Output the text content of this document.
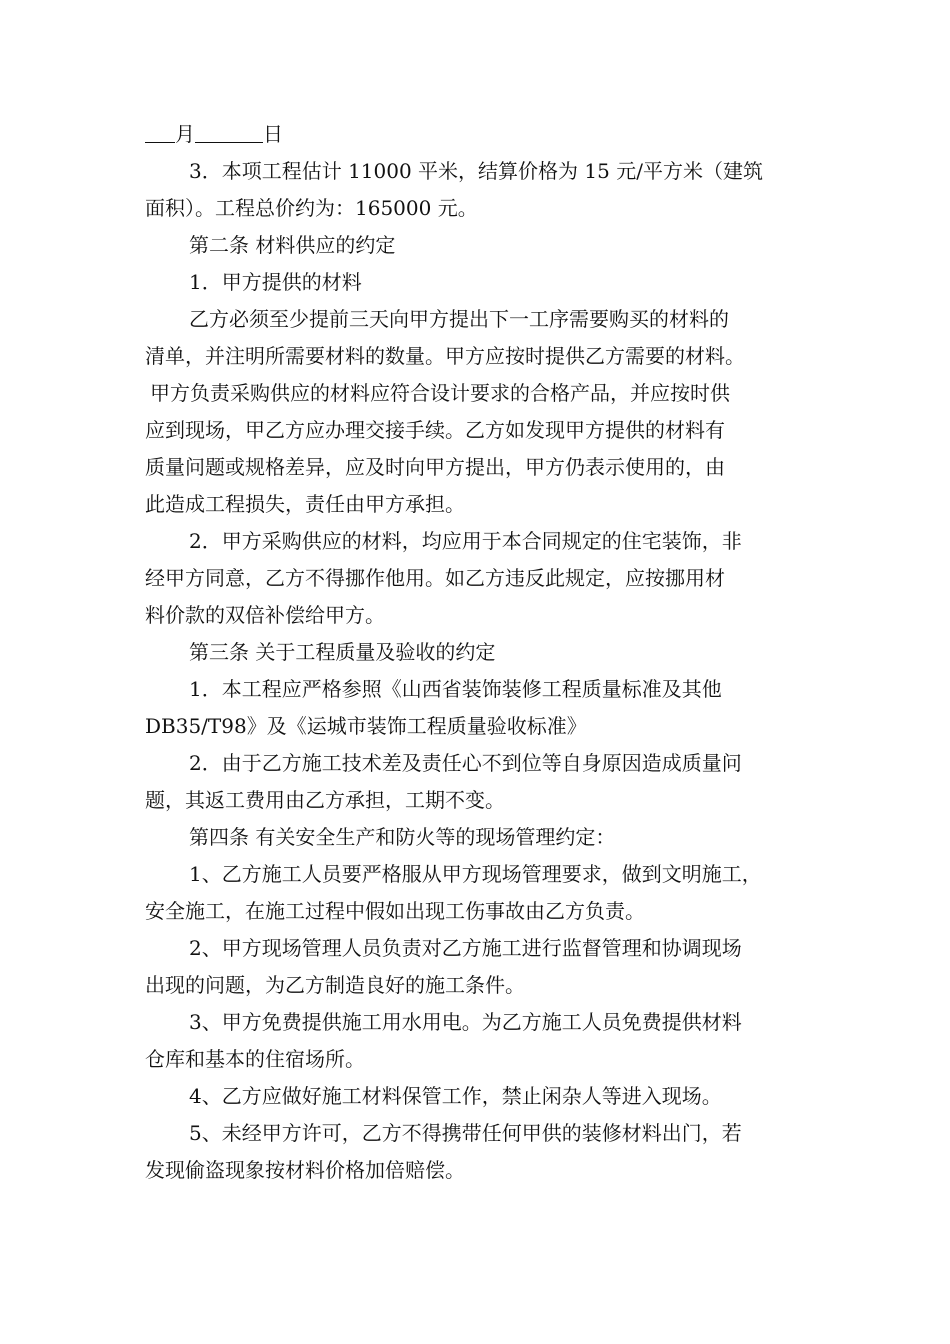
月	日
3．本项工程估计 11000 平米，结算价格为 15 元/平方米（建筑
面积）。工程总价约为：165000 元。
第二条 材料供应的约定
1．甲方提供的材料
乙方必须至少提前三天向甲方提出下一工序需要购买的材料的
清单，并注明所需要材料的数量。甲方应按时提供乙方需要的材料。
甲方负责采购供应的材料应符合设计要求的合格产品，并应按时供
应到现场，甲乙方应办理交接手续。乙方如发现甲方提供的材料有
质量问题或规格差异，应及时向甲方提出，甲方仍表示使用的，由
此造成工程损失，责任由甲方承担。
2．甲方采购供应的材料，均应用于本合同规定的住宅装饰，非
经甲方同意，乙方不得挪作他用。如乙方违反此规定，应按挪用材
料价款的双倍补偿给甲方。
第三条 关于工程质量及验收的约定
1．本工程应严格参照《山西省装饰装修工程质量标准及其他
DB35/T98》及《运城市装饰工程质量验收标准》
2．由于乙方施工技术差及责任心不到位等自身原因造成质量问
题，其返工费用由乙方承担，工期不变。
第四条 有关安全生产和防火等的现场管理约定：
1、乙方施工人员要严格服从甲方现场管理要求，做到文明施工，
安全施工，在施工过程中假如出现工伤事故由乙方负责。
2、甲方现场管理人员负责对乙方施工进行监督管理和协调现场
出现的问题，为乙方制造良好的施工条件。
3、甲方免费提供施工用水用电。为乙方施工人员免费提供材料
仓库和基本的住宿场所。
4、乙方应做好施工材料保管工作，禁止闲杂人等进入现场。
5、未经甲方许可，乙方不得携带任何甲供的装修材料出门，若
发现偷盗现象按材料价格加倍赔偿。
